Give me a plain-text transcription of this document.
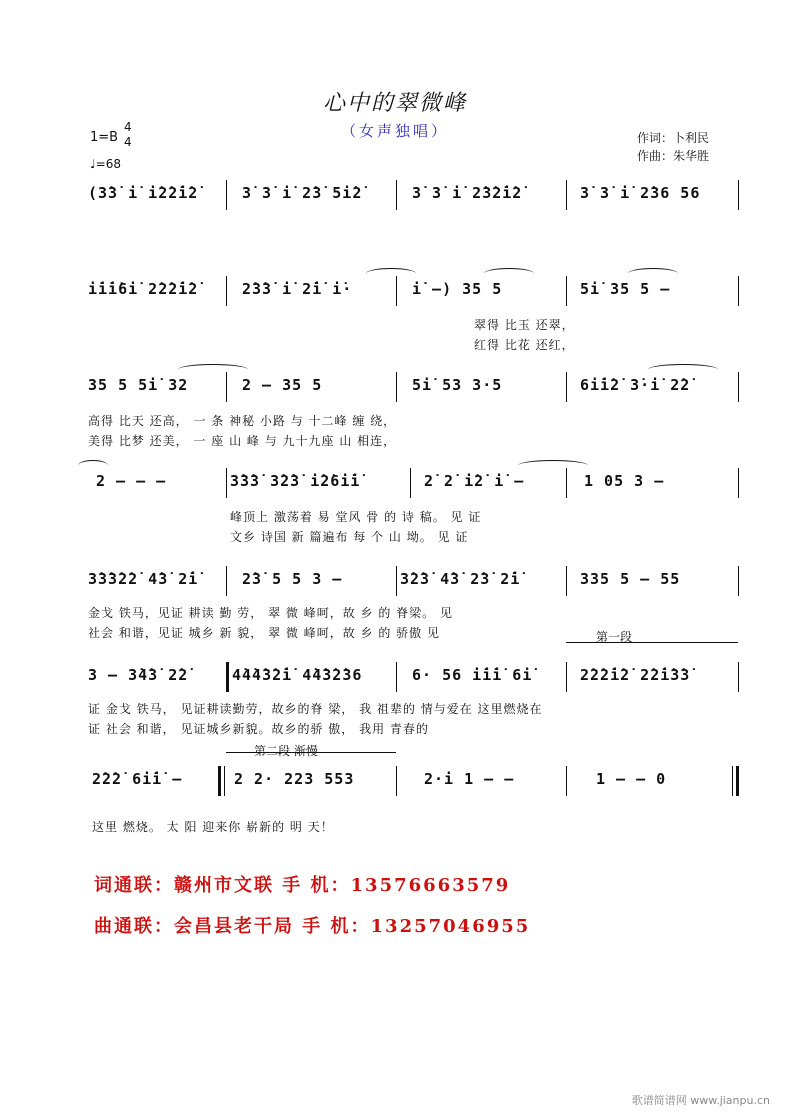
心中的翠微峰
（女声独唱）
1=B
4
4
♩=68
作词：卜利民
作曲：朱华胜
(3̇3̇ i̇ i̇2̇2̇i̇2̇	3̇ 3̇ i̇ 2̇3̇ 5i̇2̇	3̇ 3̇ i̇ 2̇3̇2̇i̇2̇	3̇ 3̇ i̇ 2̇36 56
i̇i̇i̇6i̇ 2̇2̇2̇i̇2̇	2̇3̇3̇ i̇ 2̇i̇ i̇·	i̇ –) 35 5	5i̇ 35 5 –
翠得 比玉 还翠，
红得 比花 还红，
35 5 5i̇ 32	2 – 35 5	5i̇ 53 3·5	6i̇i̇2̇ 3̇·i̇ 2̇2̇
高得 比天 还高， 一 条 神秘 小路 与 十二峰 缠 绕，
美得 比梦 还美， 一 座 山 峰 与 九十九座 山 相连，
2 – – –	3̇3̇3̇ 3̇2̇3̇ i̇2̇6i̇i̇	2̇ 2̇ i̇2̇ i̇ –	1 05 3 –
峰顶上 激荡着 易 堂风 骨 的 诗 稿。 见 证
文乡 诗国 新 篇遍布 每 个 山 坳。 见 证
3̇3̇3̇2̇2̇ 4̇3̇ 2̇i̇	2̇3̇ 5 5 3 –	3̇2̇3̇ 4̇3̇ 2̇3̇ 2̇i̇	335 5 – 55
金戈 铁马，见证 耕读 勤 劳， 翠 微 峰呵，故 乡 的 脊梁。 见
社会 和谐，见证 城乡 新 貌， 翠 微 峰呵，故 乡 的 骄傲 见
3 – 3̇4̇3̇ 2̇2̇	4̇4̇4̇3̇2̇i̇ 4̇4̇3̇2̇36	6· 56 i̇i̇i̇ 6i̇	2̇2̇2̇i̇2̇ 2̇2̇i̇3̇3̇
第一段
证 金戈 铁马， 见证耕读勤劳，故乡的脊 梁， 我 祖辈的 情与爱在 这里燃烧在
证 社会 和谐， 见证城乡新貌。故乡的骄 傲， 我用 青春的
2̇2̇2̇ 6i̇i̇ –	2 2· 223 553	2·i 1 – –	1 – – 0
第二段 渐慢
这里 燃烧。 太 阳 迎来你 崭新的 明 天！
词通联：赣州市文联 手 机：13576663579
曲通联：会昌县老干局 手 机：13257046955
歌谱简谱网 www.jianpu.cn
